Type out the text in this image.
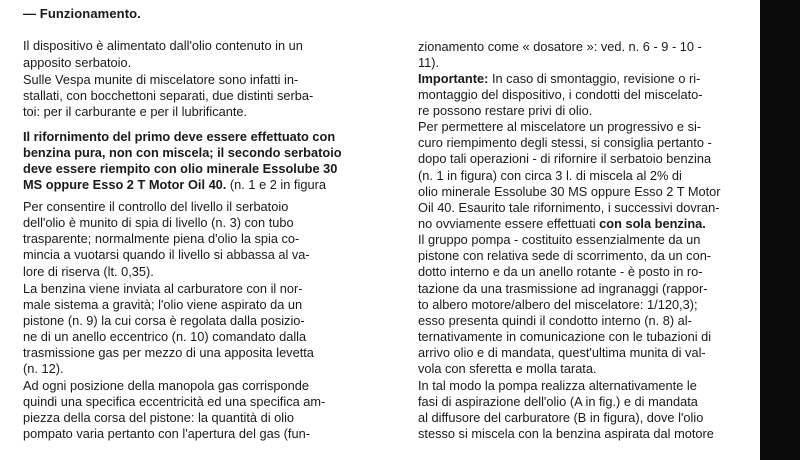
— Funzionamento.
Il dispositivo è alimentato dall'olio contenuto in un
apposito serbatoio.
Sulle Vespa munite di miscelatore sono infatti in-
stallati, con bocchettoni separati, due distinti serba-
toi: per il carburante e per il lubrificante.
Il rifornimento del primo deve essere effettuato con
benzina pura, non con miscela; il secondo serbatoio
deve essere riempito con olio minerale Essolube 30
MS oppure Esso 2 T Motor Oil 40. (n. 1 e 2 in figura
Per consentire il controllo del livello il serbatoio
dell'olio è munito di spia di livello (n. 3) con tubo
trasparente; normalmente piena d'olio la spia co-
mincia a vuotarsi quando il livello si abbassa al va-
lore di riserva (lt. 0,35).
La benzina viene inviata al carburatore con il nor-
male sistema a gravità; l'olio viene aspirato da un
pistone (n. 9) la cui corsa è regolata dalla posizio-
ne di un anello eccentrico (n. 10) comandato dalla
trasmissione gas per mezzo di una apposita levetta
(n. 12).
Ad ogni posizione della manopola gas corrisponde
quindi una specifica eccentricità ed una specifica am-
piezza della corsa del pistone: la quantità di olio
pompato varia pertanto con l'apertura del gas (fun-
zionamento come « dosatore »: ved. n. 6 - 9 - 10 -
11).
Importante: In caso di smontaggio, revisione o ri-
montaggio del dispositivo, i condotti del miscelato-
re possono restare privi di olio.
Per permettere al miscelatore un progressivo e si-
curo riempimento degli stessi, si consiglia pertanto -
dopo tali operazioni - di rifornire il serbatoio benzina
(n. 1 in figura) con circa 3 l. di miscela al 2% di
olio minerale Essolube 30 MS oppure Esso 2 T Motor
Oil 40. Esaurito tale rifornimento, i successivi dovran-
no ovviamente essere effettuati con sola benzina.
Il gruppo pompa - costituito essenzialmente da un
pistone con relativa sede di scorrimento, da un con-
dotto interno e da un anello rotante - è posto in ro-
tazione da una trasmissione ad ingranaggi (rappor-
to albero motore/albero del miscelatore: 1/120,3);
esso presenta quindi il condotto interno (n. 8) al-
ternativamente in comunicazione con le tubazioni di
arrivo olio e di mandata, quest'ultima munita di val-
vola con sferetta e molla tarata.
In tal modo la pompa realizza alternativamente le
fasi di aspirazione dell'olio (A in fig.) e di mandata
al diffusore del carburatore (B in figura), dove l'olio
stesso si miscela con la benzina aspirata dal motore
